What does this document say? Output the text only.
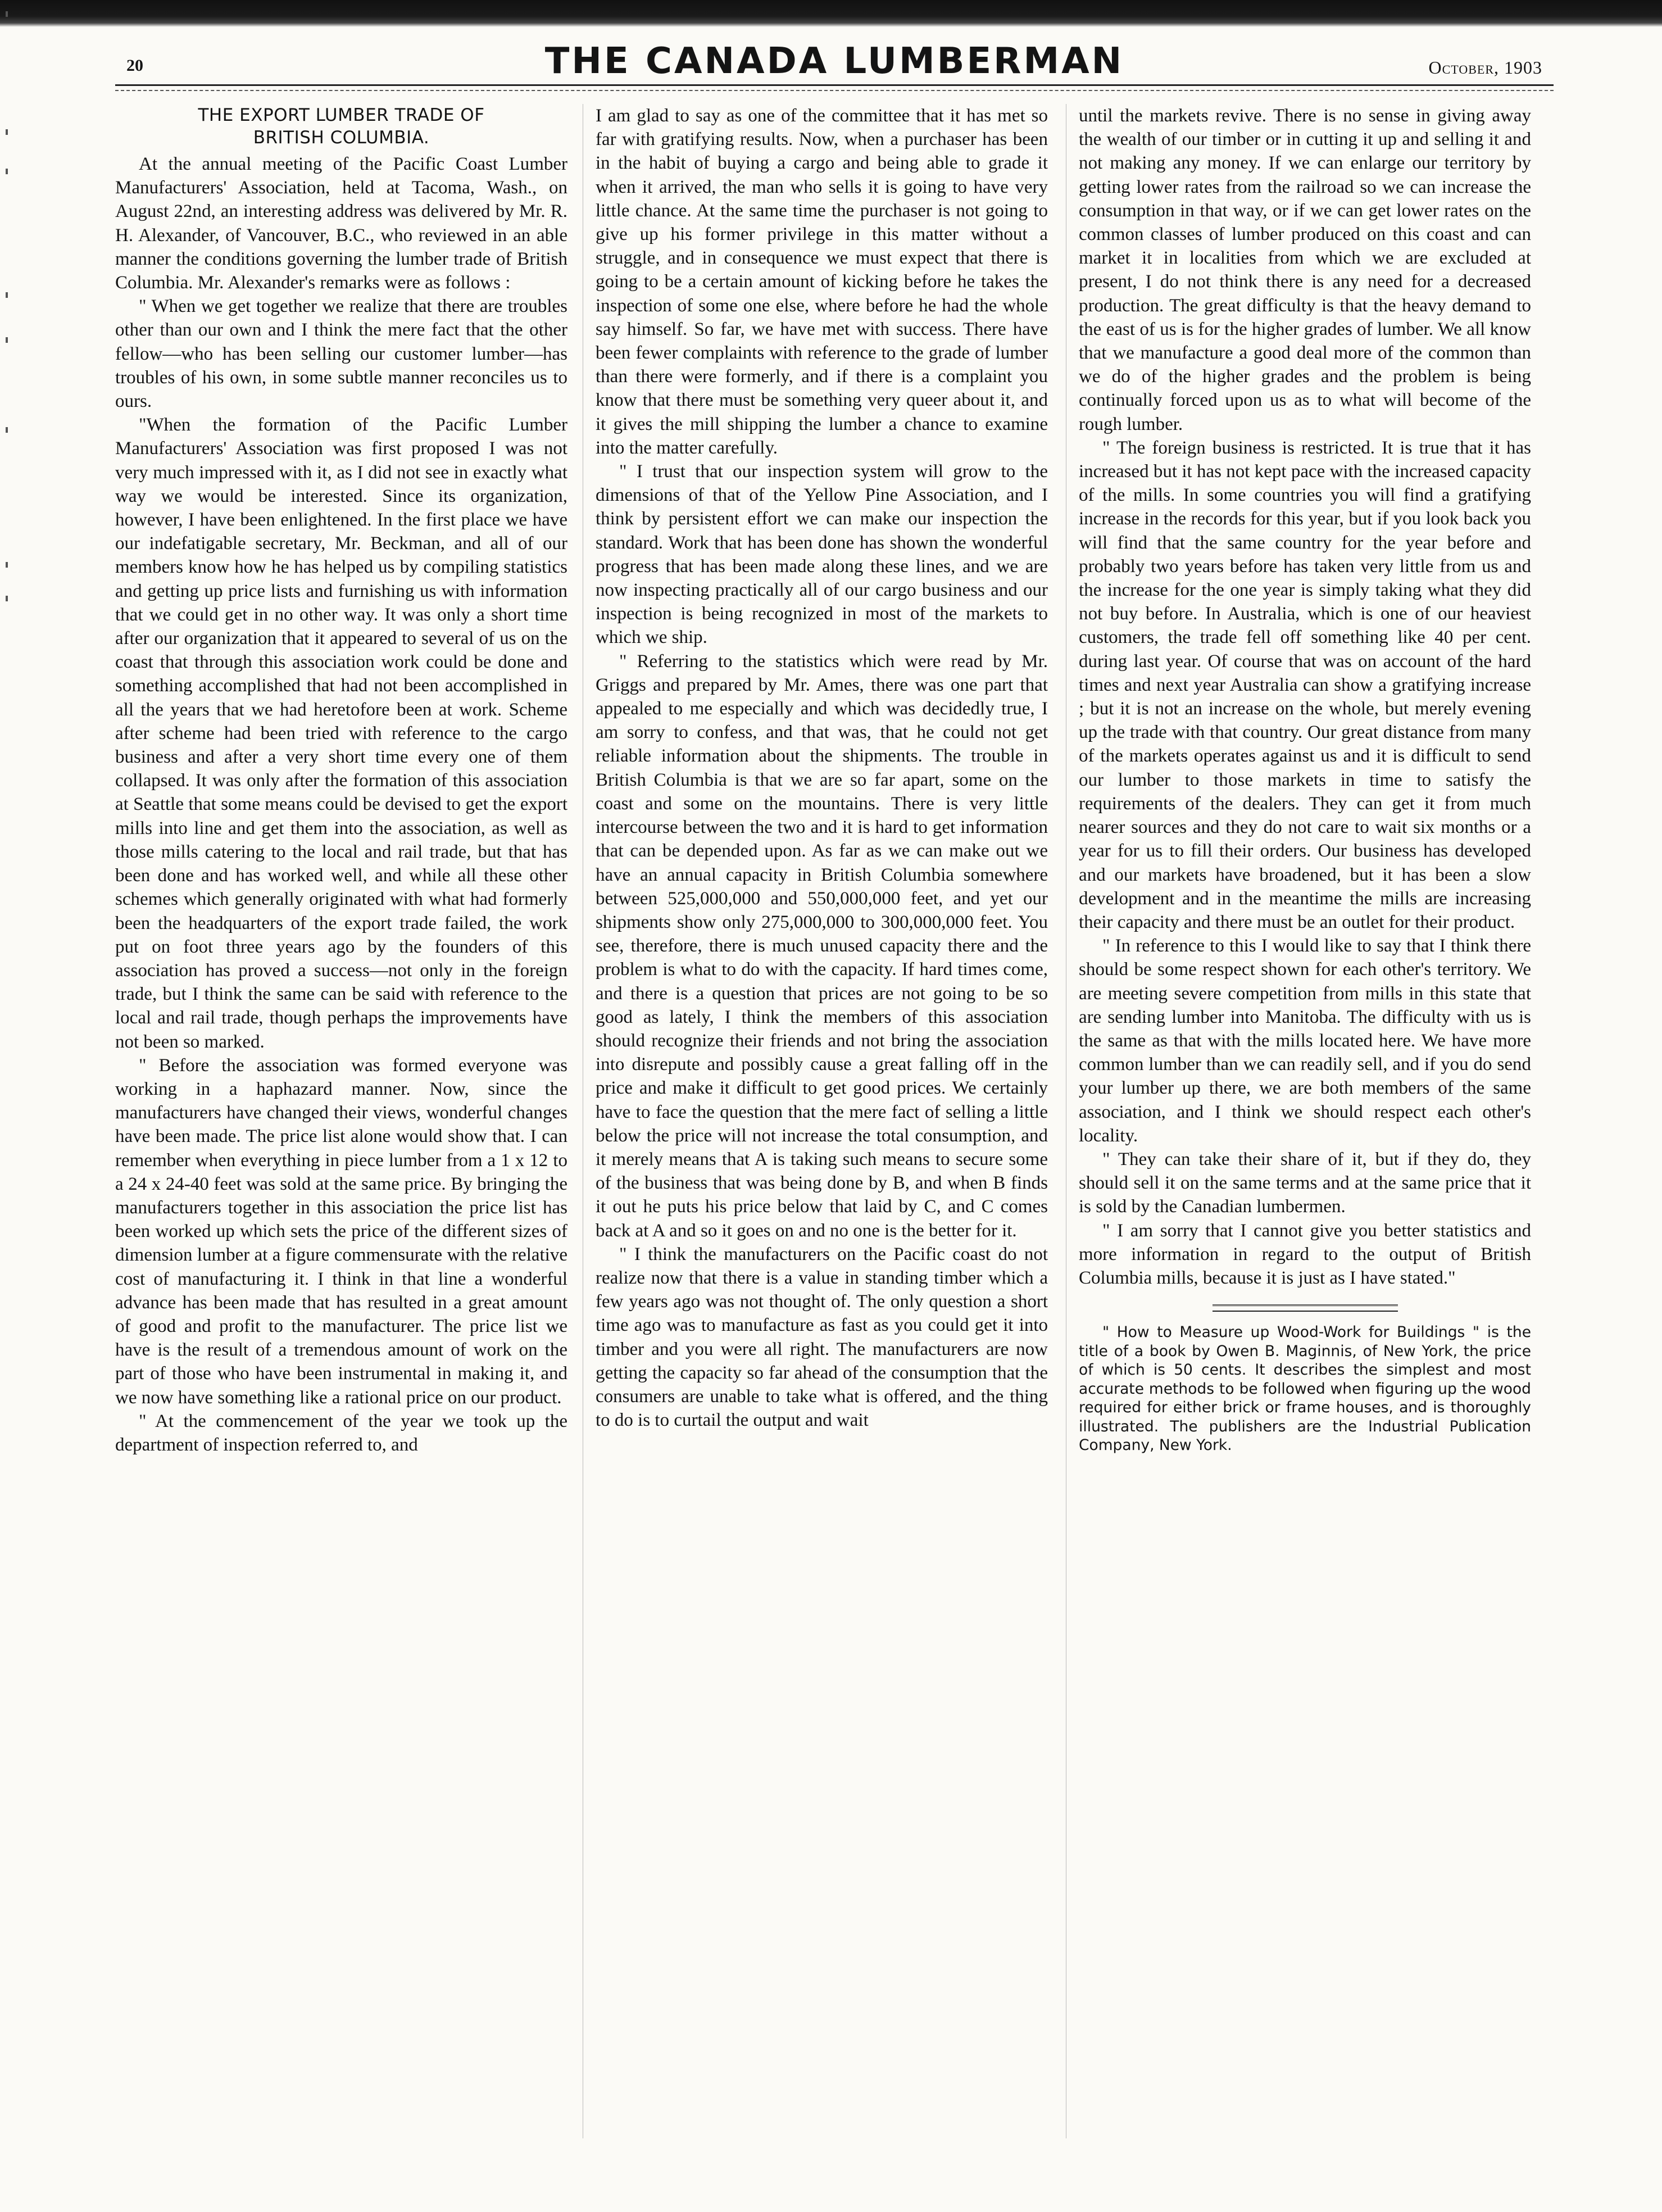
20	THE CANADA LUMBERMAN	October, 1903
THE EXPORT LUMBER TRADE OF
BRITISH COLUMBIA.

At the annual meeting of the Pacific Coast Lumber Manufacturers' Association, held at Tacoma, Wash., on August 22nd, an interesting address was delivered by Mr. R. H. Alexander, of Vancouver, B.C., who reviewed in an able manner the conditions governing the lumber trade of British Columbia. Mr. Alexander's remarks were as follows :

" When we get together we realize that there are troubles other than our own and I think the mere fact that the other fellow—who has been selling our customer lumber—has troubles of his own, in some subtle manner reconciles us to ours.

"When the formation of the Pacific Lumber Manufacturers' Association was first proposed I was not very much impressed with it, as I did not see in exactly what way we would be interested. Since its organization, however, I have been enlightened. In the first place we have our indefatigable secretary, Mr. Beckman, and all of our members know how he has helped us by compiling statistics and getting up price lists and furnishing us with information that we could get in no other way. It was only a short time after our organization that it appeared to several of us on the coast that through this association work could be done and something accomplished that had not been accomplished in all the years that we had heretofore been at work. Scheme after scheme had been tried with reference to the cargo business and after a very short time every one of them collapsed. It was only after the formation of this association at Seattle that some means could be devised to get the export mills into line and get them into the association, as well as those mills catering to the local and rail trade, but that has been done and has worked well, and while all these other schemes which generally originated with what had formerly been the headquarters of the export trade failed, the work put on foot three years ago by the founders of this association has proved a success—not only in the foreign trade, but I think the same can be said with reference to the local and rail trade, though perhaps the improvements have not been so marked.

" Before the association was formed everyone was working in a haphazard manner. Now, since the manufacturers have changed their views, wonderful changes have been made. The price list alone would show that. I can remember when everything in piece lumber from a 1 x 12 to a 24 x 24-40 feet was sold at the same price. By bringing the manufacturers together in this association the price list has been worked up which sets the price of the different sizes of dimension lumber at a figure commensurate with the relative cost of manufacturing it. I think in that line a wonderful advance has been made that has resulted in a great amount of good and profit to the manufacturer. The price list we have is the result of a tremendous amount of work on the part of those who have been instrumental in making it, and we now have something like a rational price on our product.

" At the commencement of the year we took up the department of inspection referred to, and

I am glad to say as one of the committee that it has met so far with gratifying results. Now, when a purchaser has been in the habit of buying a cargo and being able to grade it when it arrived, the man who sells it is going to have very little chance. At the same time the purchaser is not going to give up his former privilege in this matter without a struggle, and in consequence we must expect that there is going to be a certain amount of kicking before he takes the inspection of some one else, where before he had the whole say himself. So far, we have met with success. There have been fewer complaints with reference to the grade of lumber than there were formerly, and if there is a complaint you know that there must be something very queer about it, and it gives the mill shipping the lumber a chance to examine into the matter carefully.

" I trust that our inspection system will grow to the dimensions of that of the Yellow Pine Association, and I think by persistent effort we can make our inspection the standard. Work that has been done has shown the wonderful progress that has been made along these lines, and we are now inspecting practically all of our cargo business and our inspection is being recognized in most of the markets to which we ship.

" Referring to the statistics which were read by Mr. Griggs and prepared by Mr. Ames, there was one part that appealed to me especially and which was decidedly true, I am sorry to confess, and that was, that he could not get reliable information about the shipments. The trouble in British Columbia is that we are so far apart, some on the coast and some on the mountains. There is very little intercourse between the two and it is hard to get information that can be depended upon. As far as we can make out we have an annual capacity in British Columbia somewhere between 525,000,000 and 550,000,000 feet, and yet our shipments show only 275,000,000 to 300,000,000 feet. You see, therefore, there is much unused capacity there and the problem is what to do with the capacity. If hard times come, and there is a question that prices are not going to be so good as lately, I think the members of this association should recognize their friends and not bring the association into disrepute and possibly cause a great falling off in the price and make it difficult to get good prices. We certainly have to face the question that the mere fact of selling a little below the price will not increase the total consumption, and it merely means that A is taking such means to secure some of the business that was being done by B, and when B finds it out he puts his price below that laid by C, and C comes back at A and so it goes on and no one is the better for it.

" I think the manufacturers on the Pacific coast do not realize now that there is a value in standing timber which a few years ago was not thought of. The only question a short time ago was to manufacture as fast as you could get it into timber and you were all right. The manufacturers are now getting the capacity so far ahead of the consumption that the consumers are unable to take what is offered, and the thing to do is to curtail the output and wait

until the markets revive. There is no sense in giving away the wealth of our timber or in cutting it up and selling it and not making any money. If we can enlarge our territory by getting lower rates from the railroad so we can increase the consumption in that way, or if we can get lower rates on the common classes of lumber produced on this coast and can market it in localities from which we are excluded at present, I do not think there is any need for a decreased production. The great difficulty is that the heavy demand to the east of us is for the higher grades of lumber. We all know that we manufacture a good deal more of the common than we do of the higher grades and the problem is being continually forced upon us as to what will become of the rough lumber.

" The foreign business is restricted. It is true that it has increased but it has not kept pace with the increased capacity of the mills. In some countries you will find a gratifying increase in the records for this year, but if you look back you will find that the same country for the year before and probably two years before has taken very little from us and the increase for the one year is simply taking what they did not buy before. In Australia, which is one of our heaviest customers, the trade fell off something like 40 per cent. during last year. Of course that was on account of the hard times and next year Australia can show a gratifying increase ; but it is not an increase on the whole, but merely evening up the trade with that country. Our great distance from many of the markets operates against us and it is difficult to send our lumber to those markets in time to satisfy the requirements of the dealers. They can get it from much nearer sources and they do not care to wait six months or a year for us to fill their orders. Our business has developed and our markets have broadened, but it has been a slow development and in the meantime the mills are increasing their capacity and there must be an outlet for their product.

" In reference to this I would like to say that I think there should be some respect shown for each other's territory. We are meeting severe competition from mills in this state that are sending lumber into Manitoba. The difficulty with us is the same as that with the mills located here. We have more common lumber than we can readily sell, and if you do send your lumber up there, we are both members of the same association, and I think we should respect each other's locality.

" They can take their share of it, but if they do, they should sell it on the same terms and at the same price that it is sold by the Canadian lumbermen.

" I am sorry that I cannot give you better statistics and more information in regard to the output of British Columbia mills, because it is just as I have stated."

" How to Measure up Wood-Work for Buildings " is the title of a book by Owen B. Maginnis, of New York, the price of which is 50 cents. It describes the simplest and most accurate methods to be followed when figuring up the wood required for either brick or frame houses, and is thoroughly illustrated. The publishers are the Industrial Publication Company, New York.
